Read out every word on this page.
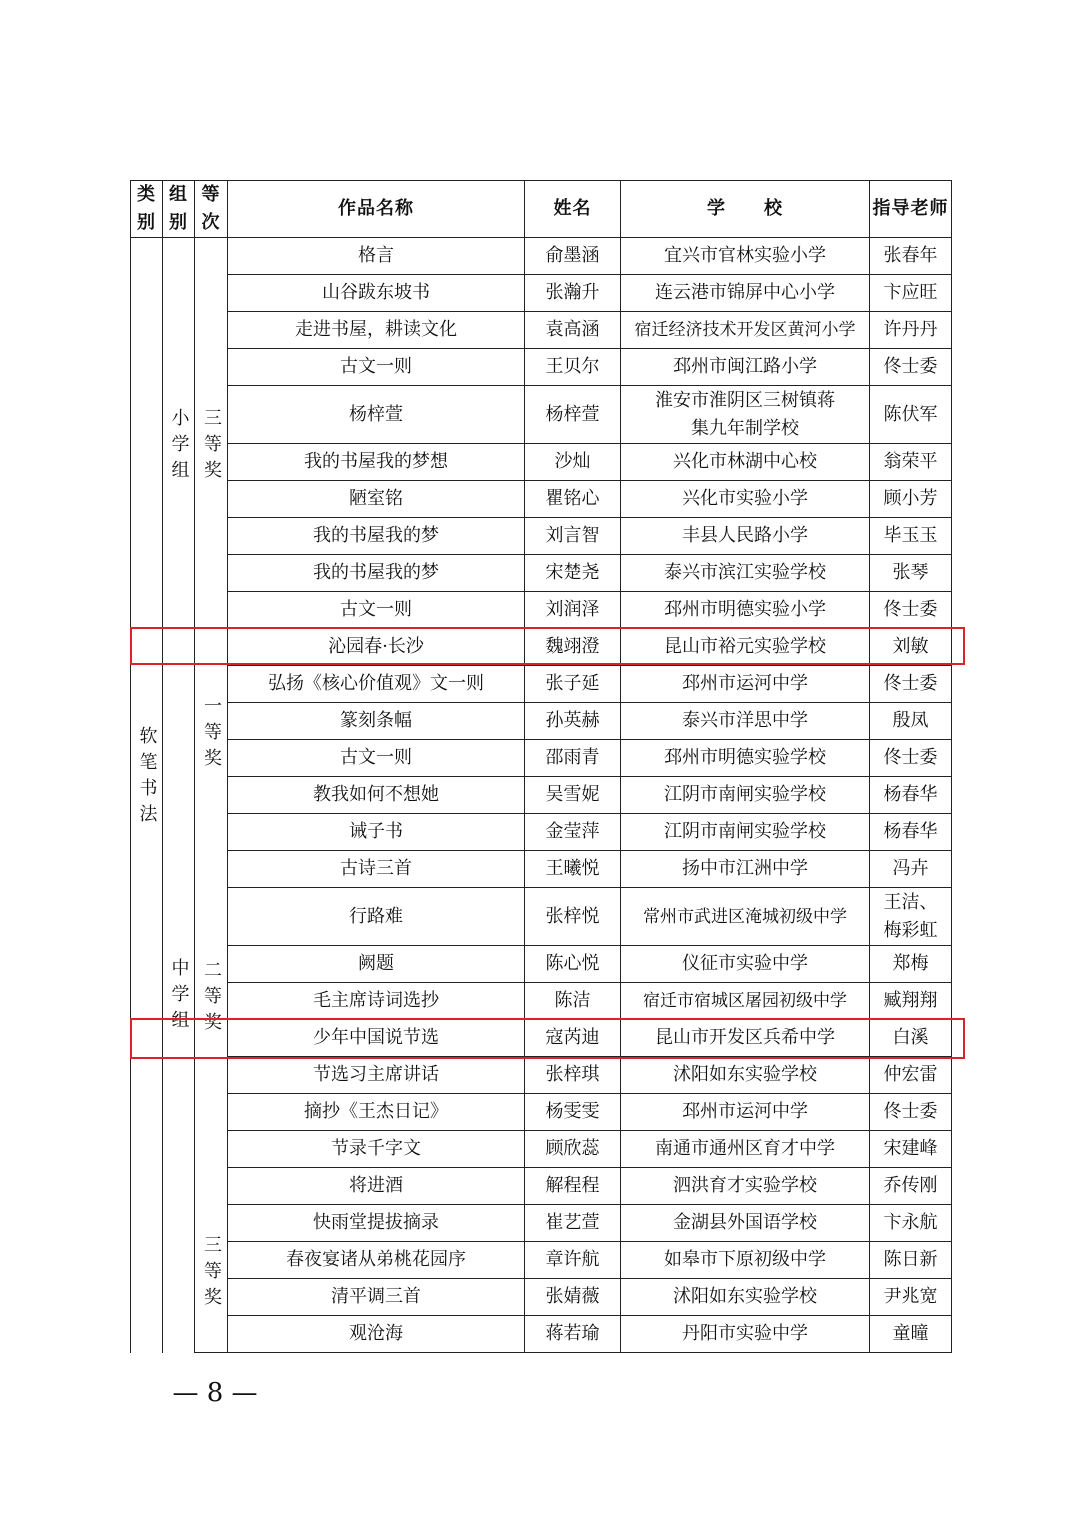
类别	组别	等次	作品名称	姓名	学　　校	指导老师
	小学组	三等奖	格言	俞墨涵	宜兴市官林实验小学	张春年
			山谷跋东坡书	张瀚升	连云港市锦屏中心小学	卞应旺
			走进书屋，耕读文化	袁高涵	宿迁经济技术开发区黄河小学	许丹丹
			古文一则	王贝尔	邳州市闽江路小学	佟士委
			杨梓萱	杨梓萱	淮安市淮阴区三树镇蒋集九年制学校	陈伏军
			我的书屋我的梦想	沙灿	兴化市林湖中心校	翁荣平
			陋室铭	瞿铭心	兴化市实验小学	顾小芳
			我的书屋我的梦	刘言智	丰县人民路小学	毕玉玉
			我的书屋我的梦	宋楚尧	泰兴市滨江实验学校	张琴
			古文一则	刘润泽	邳州市明德实验小学	佟士委
			沁园春·长沙	魏翊澄	昆山市裕元实验学校	刘敏
软笔书法	中学组	一等奖	弘扬《核心价值观》文一则	张子延	邳州市运河中学	佟士委
			篆刻条幅	孙英赫	泰兴市洋思中学	殷凤
			古文一则	邵雨青	邳州市明德实验学校	佟士委
			教我如何不想她	吴雪妮	江阴市南闸实验学校	杨春华
		二等奖	诫子书	金莹萍	江阴市南闸实验学校	杨春华
			古诗三首	王曦悦	扬中市江洲中学	冯卉
			行路难	张梓悦	常州市武进区淹城初级中学	王洁、梅彩虹

			阙题	陈心悦	仪征市实验中学	郑梅
			毛主席诗词选抄	陈洁	宿迁市宿城区屠园初级中学	臧翔翔
			少年中国说节选	寇芮迪	昆山市开发区兵希中学	白溪
			节选习主席讲话	张梓琪	沭阳如东实验学校	仲宏雷
			摘抄《王杰日记》	杨雯雯	邳州市运河中学	佟士委
			节录千字文	顾欣蕊	南通市通州区育才中学	宋建峰
			将进酒	解程程	泗洪育才实验学校	乔传刚
		三等奖	快雨堂提拔摘录	崔艺萱	金湖县外国语学校	卞永航
			春夜宴诸从弟桃花园序	章许航	如皋市下原初级中学	陈日新
			清平调三首	张婧薇	沭阳如东实验学校	尹兆宽
			观沧海	蒋若瑜	丹阳市实验中学	童曈
— 8 —
